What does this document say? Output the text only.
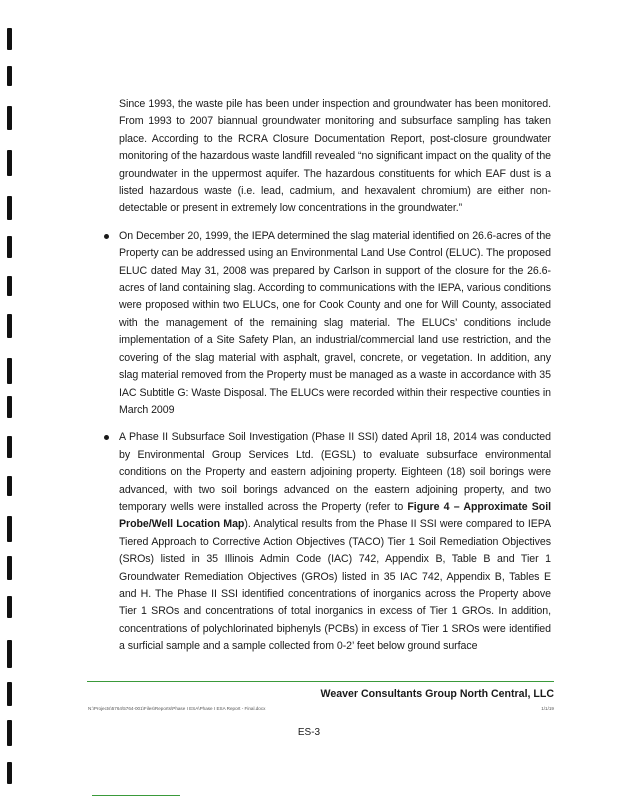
Since 1993, the waste pile has been under inspection and groundwater has been monitored. From 1993 to 2007 biannual groundwater monitoring and subsurface sampling has taken place. According to the RCRA Closure Documentation Report, post-closure groundwater monitoring of the hazardous waste landfill revealed “no significant impact on the quality of the groundwater in the uppermost aquifer. The hazardous constituents for which EAF dust is a listed hazardous waste (i.e. lead, cadmium, and hexavalent chromium) are either non-detectable or present in extremely low concentrations in the groundwater.”

On December 20, 1999, the IEPA determined the slag material identified on 26.6-acres of the Property can be addressed using an Environmental Land Use Control (ELUC). The proposed ELUC dated May 31, 2008 was prepared by Carlson in support of the closure for the 26.6-acres of land containing slag. According to communications with the IEPA, various conditions were proposed within two ELUCs, one for Cook County and one for Will County, associated with the management of the remaining slag material. The ELUCs’ conditions include implementation of a Site Safety Plan, an industrial/commercial land use restriction, and the covering of the slag material with asphalt, gravel, concrete, or vegetation. In addition, any slag material removed from the Property must be managed as a waste in accordance with 35 IAC Subtitle G: Waste Disposal. The ELUCs were recorded within their respective counties in March 2009

A Phase II Subsurface Soil Investigation (Phase II SSI) dated April 18, 2014 was conducted by Environmental Group Services Ltd. (EGSL) to evaluate subsurface environmental conditions on the Property and eastern adjoining property. Eighteen (18) soil borings were advanced, with two soil borings advanced on the eastern adjoining property, and two temporary wells were installed across the Property (refer to Figure 4 – Approximate Soil Probe/Well Location Map). Analytical results from the Phase II SSI were compared to IEPA Tiered Approach to Corrective Action Objectives (TACO) Tier 1 Soil Remediation Objectives (SROs) listed in 35 Illinois Admin Code (IAC) 742, Appendix B, Table B and Tier 1 Groundwater Remediation Objectives (GROs) listed in 35 IAC 742, Appendix B, Tables E and H. The Phase II SSI identified concentrations of inorganics across the Property above Tier 1 SROs and concentrations of total inorganics in excess of Tier 1 GROs. In addition, concentrations of polychlorinated biphenyls (PCBs) in excess of Tier 1 SROs were identified a surficial sample and a sample collected from 0-2’ feet below ground surface

Weaver Consultants Group North Central, LLC
N:\Projects\5764\5764-001\Files\Reports\Phase I ESA\Phase I ESA Report - Final.docx	1/1/19
ES-3
